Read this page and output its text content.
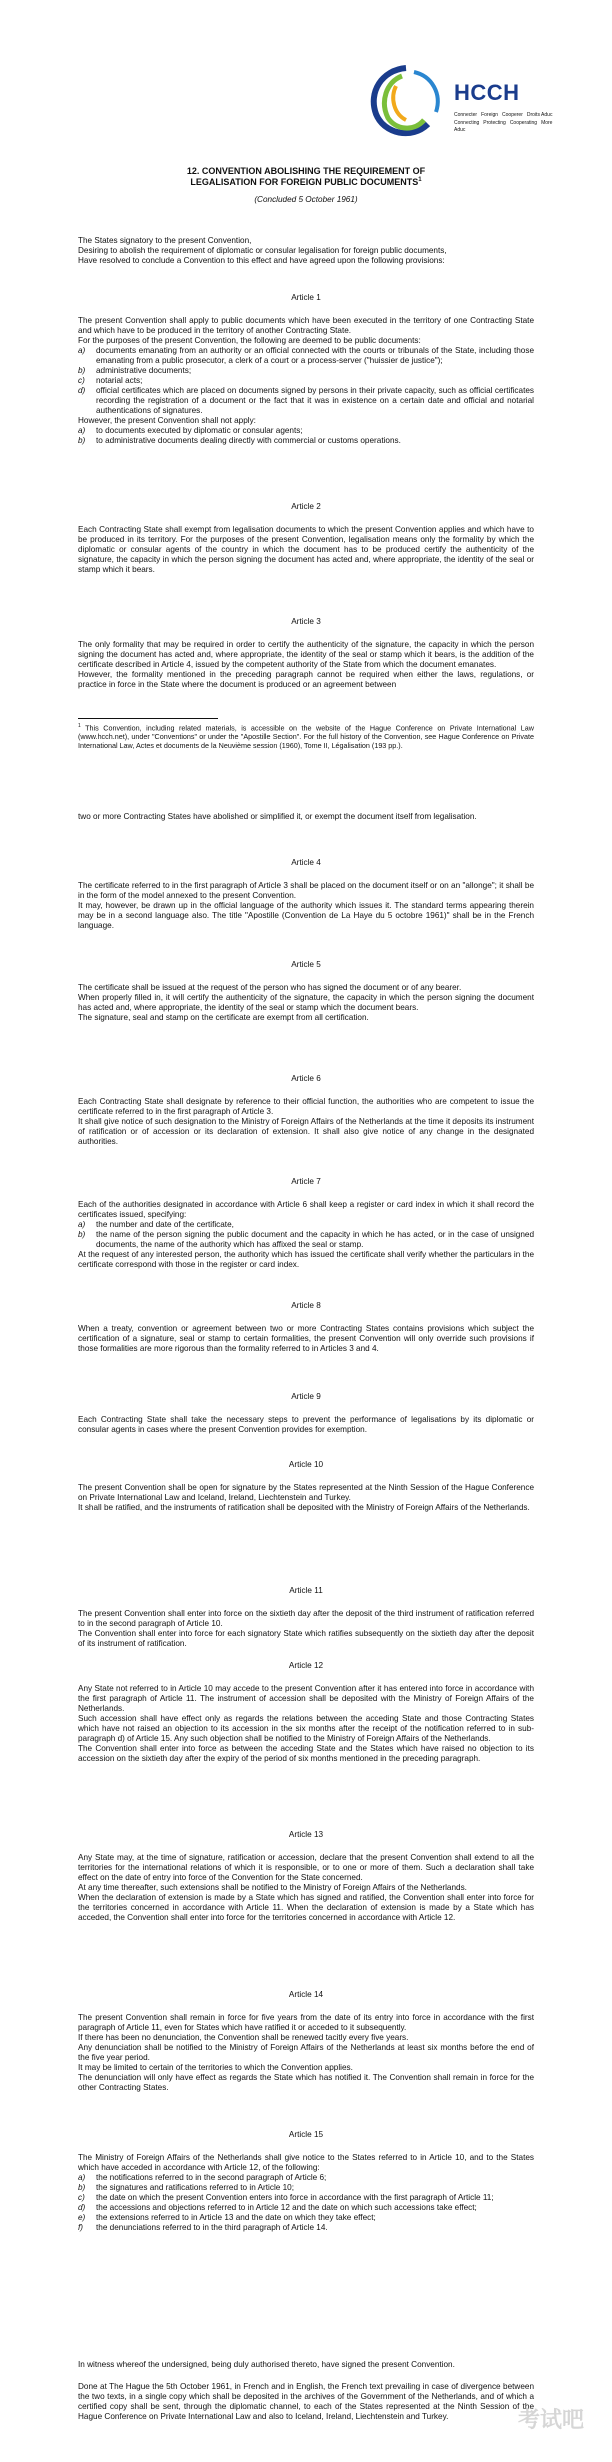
HCCH
Connecter Foreign Cooperer Droits Aduc
Connecting Protecting Cooperating More Aduc

12. CONVENTION ABOLISHING THE REQUIREMENT OF

LEGALISATION FOR FOREIGN PUBLIC DOCUMENTS$^1$

(Concluded 5 October 1961)

The States signatory to the present Convention,

Desiring to abolish the requirement of diplomatic or consular legalisation for foreign public documents,

Have resolved to conclude a Convention to this effect and have agreed upon the following provisions:

Article 1

The present Convention shall apply to public documents which have been executed in the territory of one Contracting State and which have to be produced in the territory of another Contracting State.

For the purposes of the present Convention, the following are deemed to be public documents:

a)	documents emanating from an authority or an official connected with the courts or tribunals of the State, including those emanating from a public prosecutor, a clerk of a court or a process-server ("huissier de justice");
b)	administrative documents;
c)	notarial acts;
d)	official certificates which are placed on documents signed by persons in their private capacity, such as official certificates recording the registration of a document or the fact that it was in existence on a certain date and official and notarial authentications of signatures.

However, the present Convention shall not apply:

a)	to documents executed by diplomatic or consular agents;
b)	to administrative documents dealing directly with commercial or customs operations.

Article 2

Each Contracting State shall exempt from legalisation documents to which the present Convention applies and which have to be produced in its territory. For the purposes of the present Convention, legalisation means only the formality by which the diplomatic or consular agents of the country in which the document has to be produced certify the authenticity of the signature, the capacity in which the person signing the document has acted and, where appropriate, the identity of the seal or stamp which it bears.

Article 3

The only formality that may be required in order to certify the authenticity of the signature, the capacity in which the person signing the document has acted and, where appropriate, the identity of the seal or stamp which it bears, is the addition of the certificate described in Article 4, issued by the competent authority of the State from which the document emanates.

However, the formality mentioned in the preceding paragraph cannot be required when either the laws, regulations, or practice in force in the State where the document is produced or an agreement between

$^1$ This Convention, including related materials, is accessible on the website of the Hague Conference on Private International Law (www.hcch.net), under "Conventions" or under the "Apostille Section". For the full history of the Convention, see Hague Conference on Private International Law, Actes et documents de la Neuvième session (1960), Tome II, Légalisation (193 pp.).

two or more Contracting States have abolished or simplified it, or exempt the document itself from legalisation.

Article 4

The certificate referred to in the first paragraph of Article 3 shall be placed on the document itself or on an "allonge"; it shall be in the form of the model annexed to the present Convention.

It may, however, be drawn up in the official language of the authority which issues it. The standard terms appearing therein may be in a second language also. The title "Apostille (Convention de La Haye du 5 octobre 1961)" shall be in the French language.

Article 5

The certificate shall be issued at the request of the person who has signed the document or of any bearer.

When properly filled in, it will certify the authenticity of the signature, the capacity in which the person signing the document has acted and, where appropriate, the identity of the seal or stamp which the document bears.

The signature, seal and stamp on the certificate are exempt from all certification.

Article 6

Each Contracting State shall designate by reference to their official function, the authorities who are competent to issue the certificate referred to in the first paragraph of Article 3.

It shall give notice of such designation to the Ministry of Foreign Affairs of the Netherlands at the time it deposits its instrument of ratification or of accession or its declaration of extension. It shall also give notice of any change in the designated authorities.

Article 7

Each of the authorities designated in accordance with Article 6 shall keep a register or card index in which it shall record the certificates issued, specifying:

a)	the number and date of the certificate,
b)	the name of the person signing the public document and the capacity in which he has acted, or in the case of unsigned documents, the name of the authority which has affixed the seal or stamp.

At the request of any interested person, the authority which has issued the certificate shall verify whether the particulars in the certificate correspond with those in the register or card index.

Article 8

When a treaty, convention or agreement between two or more Contracting States contains provisions which subject the certification of a signature, seal or stamp to certain formalities, the present Convention will only override such provisions if those formalities are more rigorous than the formality referred to in Articles 3 and 4.

Article 9

Each Contracting State shall take the necessary steps to prevent the performance of legalisations by its diplomatic or consular agents in cases where the present Convention provides for exemption.

Article 10

The present Convention shall be open for signature by the States represented at the Ninth Session of the Hague Conference on Private International Law and Iceland, Ireland, Liechtenstein and Turkey.

It shall be ratified, and the instruments of ratification shall be deposited with the Ministry of Foreign Affairs of the Netherlands.

Article 11

The present Convention shall enter into force on the sixtieth day after the deposit of the third instrument of ratification referred to in the second paragraph of Article 10.

The Convention shall enter into force for each signatory State which ratifies subsequently on the sixtieth day after the deposit of its instrument of ratification.

Article 12

Any State not referred to in Article 10 may accede to the present Convention after it has entered into force in accordance with the first paragraph of Article 11. The instrument of accession shall be deposited with the Ministry of Foreign Affairs of the Netherlands.

Such accession shall have effect only as regards the relations between the acceding State and those Contracting States which have not raised an objection to its accession in the six months after the receipt of the notification referred to in sub-paragraph d) of Article 15. Any such objection shall be notified to the Ministry of Foreign Affairs of the Netherlands.

The Convention shall enter into force as between the acceding State and the States which have raised no objection to its accession on the sixtieth day after the expiry of the period of six months mentioned in the preceding paragraph.

Article 13

Any State may, at the time of signature, ratification or accession, declare that the present Convention shall extend to all the territories for the international relations of which it is responsible, or to one or more of them. Such a declaration shall take effect on the date of entry into force of the Convention for the State concerned.

At any time thereafter, such extensions shall be notified to the Ministry of Foreign Affairs of the Netherlands.

When the declaration of extension is made by a State which has signed and ratified, the Convention shall enter into force for the territories concerned in accordance with Article 11. When the declaration of extension is made by a State which has acceded, the Convention shall enter into force for the territories concerned in accordance with Article 12.

Article 14

The present Convention shall remain in force for five years from the date of its entry into force in accordance with the first paragraph of Article 11, even for States which have ratified it or acceded to it subsequently.

If there has been no denunciation, the Convention shall be renewed tacitly every five years.

Any denunciation shall be notified to the Ministry of Foreign Affairs of the Netherlands at least six months before the end of the five year period.

It may be limited to certain of the territories to which the Convention applies.

The denunciation will only have effect as regards the State which has notified it. The Convention shall remain in force for the other Contracting States.

Article 15

The Ministry of Foreign Affairs of the Netherlands shall give notice to the States referred to in Article 10, and to the States which have acceded in accordance with Article 12, of the following:

a)	the notifications referred to in the second paragraph of Article 6;
b)	the signatures and ratifications referred to in Article 10;
c)	the date on which the present Convention enters into force in accordance with the first paragraph of Article 11;
d)	the accessions and objections referred to in Article 12 and the date on which such accessions take effect;
e)	the extensions referred to in Article 13 and the date on which they take effect;
f)	the denunciations referred to in the third paragraph of Article 14.

In witness whereof the undersigned, being duly authorised thereto, have signed the present Convention.

Done at The Hague the 5th October 1961, in French and in English, the French text prevailing in case of divergence between the two texts, in a single copy which shall be deposited in the archives of the Government of the Netherlands, and of which a certified copy shall be sent, through the diplomatic channel, to each of the States represented at the Ninth Session of the Hague Conference on Private International Law and also to Iceland, Ireland, Liechtenstein and Turkey.	考试吧
